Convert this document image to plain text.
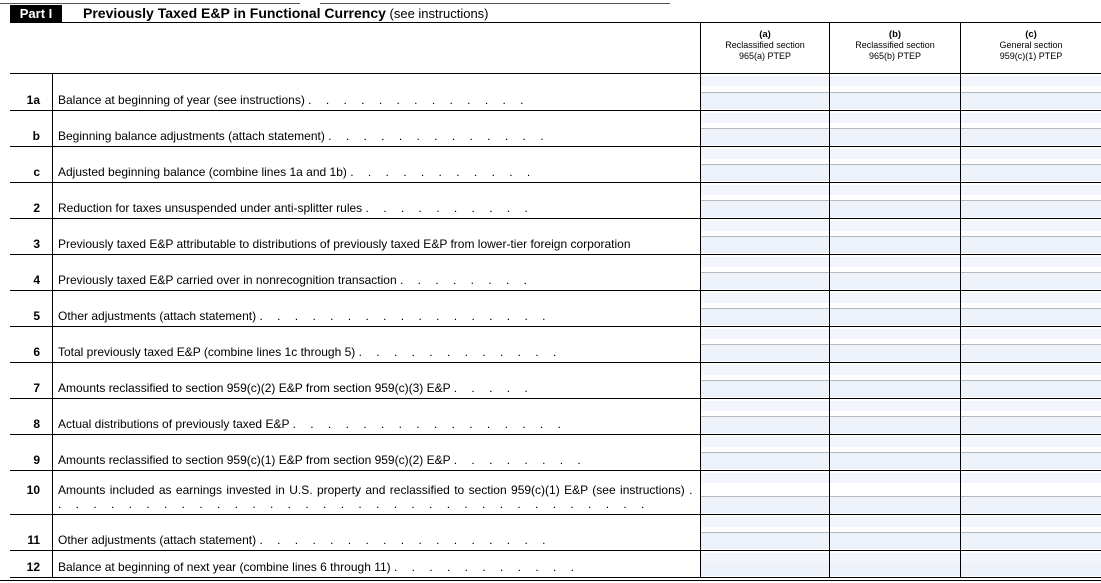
Part I	Previously Taxed E&P in Functional Currency (see instructions)
(a)
Reclassified section
965(a) PTEP
(b)
Reclassified section
965(b) PTEP
(c)
General section
959(c)(1) PTEP
1a Balance at beginning of year (see instructions) . . . . . . . . . . . . .
b Beginning balance adjustments (attach statement) . . . . . . . . . . . . .
c Adjusted beginning balance (combine lines 1a and 1b) . . . . . . . . . . .
2 Reduction for taxes unsuspended under anti-splitter rules . . . . . . . . . .
3 Previously taxed E&P attributable to distributions of previously taxed E&P from lower-tier foreign corporation
4 Previously taxed E&P carried over in nonrecognition transaction . . . . . . . .
5 Other adjustments (attach statement) . . . . . . . . . . . . . . . . .
6 Total previously taxed E&P (combine lines 1c through 5) . . . . . . . . . . . .
7 Amounts reclassified to section 959(c)(2) E&P from section 959(c)(3) E&P . . . . .
8 Actual distributions of previously taxed E&P . . . . . . . . . . . . . . . .
9 Amounts reclassified to section 959(c)(1) E&P from section 959(c)(2) E&P . . . . . . . .
10 Amounts included as earnings invested in U.S. property and reclassified to section 959(c)(1) E&P (see instructions) . . . . . . . . . . . . . . . . . . . . . . . . . . . . . . . . . . .
11 Other adjustments (attach statement) . . . . . . . . . . . . . . . . .
12 Balance at beginning of next year (combine lines 6 through 11) . . . . . . . . . . .
